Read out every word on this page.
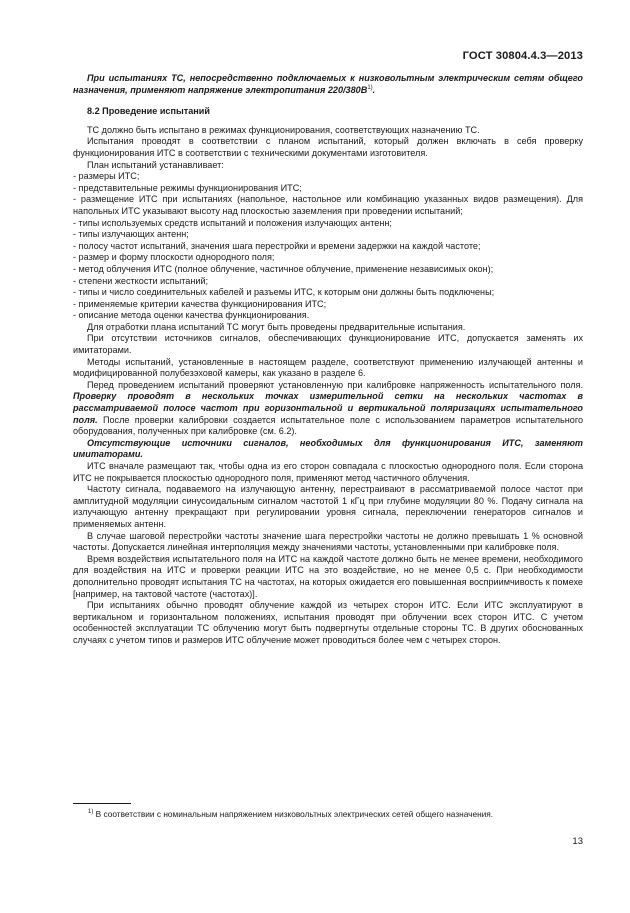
ГОСТ 30804.4.3—2013

При испытаниях ТС, непосредственно подключаемых к низковольтным электрическим сетям общего назначения, применяют напряжение электропитания $220/380В^{1)}$.

8.2 Проведение испытаний

ТС должно быть испытано в режимах функционирования, соответствующих назначению ТС.

Испытания проводят в соответствии с планом испытаний, который должен включать в себя проверку функционирования ИТС в соответствии с техническими документами изготовителя.

План испытаний устанавливает:

- размеры ИТС;
- представительные режимы функционирования ИТС;
- размещение ИТС при испытаниях (напольное, настольное или комбинацию указанных видов размещения). Для напольных ИТС указывают высоту над плоскостью заземления при проведении испытаний;
- типы используемых средств испытаний и положения излучающих антенн;
- типы излучающих антенн;
- полосу частот испытаний, значения шага перестройки и времени задержки на каждой частоте;
- размер и форму плоскости однородного поля;
- метод облучения ИТС (полное облучение, частичное облучение, применение независимых окон);
- степени жесткости испытаний;
- типы и число соединительных кабелей и разъемы ИТС, к которым они должны быть подключены;
- применяемые критерии качества функционирования ИТС;
- описание метода оценки качества функционирования.

Для отработки плана испытаний ТС могут быть проведены предварительные испытания.

При отсутствии источников сигналов, обеспечивающих функционирование ИТС, допускается заменять их имитаторами.

Методы испытаний, установленные в настоящем разделе, соответствуют применению излучающей антенны и модифицированной полубезэховой камеры, как указано в разделе 6.

Перед проведением испытаний проверяют установленную при калибровке напряженность испытательного поля. Проверку проводят в нескольких точках измерительной сетки на нескольких частотах в рассматриваемой полосе частот при горизонтальной и вертикальной поляризациях испытательного поля. После проверки калибровки создается испытательное поле с использованием параметров испытательного оборудования, полученных при калибровке (см. 6.2).

Отсутствующие источники сигналов, необходимых для функционирования ИТС, заменяют имитаторами.

ИТС вначале размещают так, чтобы одна из его сторон совпадала с плоскостью однородного поля. Если сторона ИТС не покрывается плоскостью однородного поля, применяют метод частичного облучения.

Частоту сигнала, подаваемого на излучающую антенну, перестраивают в рассматриваемой полосе частот при амплитудной модуляции синусоидальным сигналом частотой 1 кГц при глубине модуляции 80 %. Подачу сигнала на излучающую антенну прекращают при регулировании уровня сигнала, переключении генераторов сигналов и применяемых антенн.

В случае шаговой перестройки частоты значение шага перестройки частоты не должно превышать 1 % основной частоты. Допускается линейная интерполяция между значениями частоты, установленными при калибровке поля.

Время воздействия испытательного поля на ИТС на каждой частоте должно быть не менее времени, необходимого для воздействия на ИТС и проверки реакции ИТС на это воздействие, но не менее 0,5 с. При необходимости дополнительно проводят испытания ТС на частотах, на которых ожидается его повышенная восприимчивость к помехе [например, на тактовой частоте (частотах)].

При испытаниях обычно проводят облучение каждой из четырех сторон ИТС. Если ИТС эксплуатируют в вертикальном и горизонтальном положениях, испытания проводят при облучении всех сторон ИТС. С учетом особенностей эксплуатации ТС облучению могут быть подвергнуты отдельные стороны ТС. В других обоснованных случаях с учетом типов и размеров ИТС облучение может проводиться более чем с четырех сторон.

$^{1)}$ В соответствии с номинальным напряжением низковольтных электрических сетей общего назначения.
13
